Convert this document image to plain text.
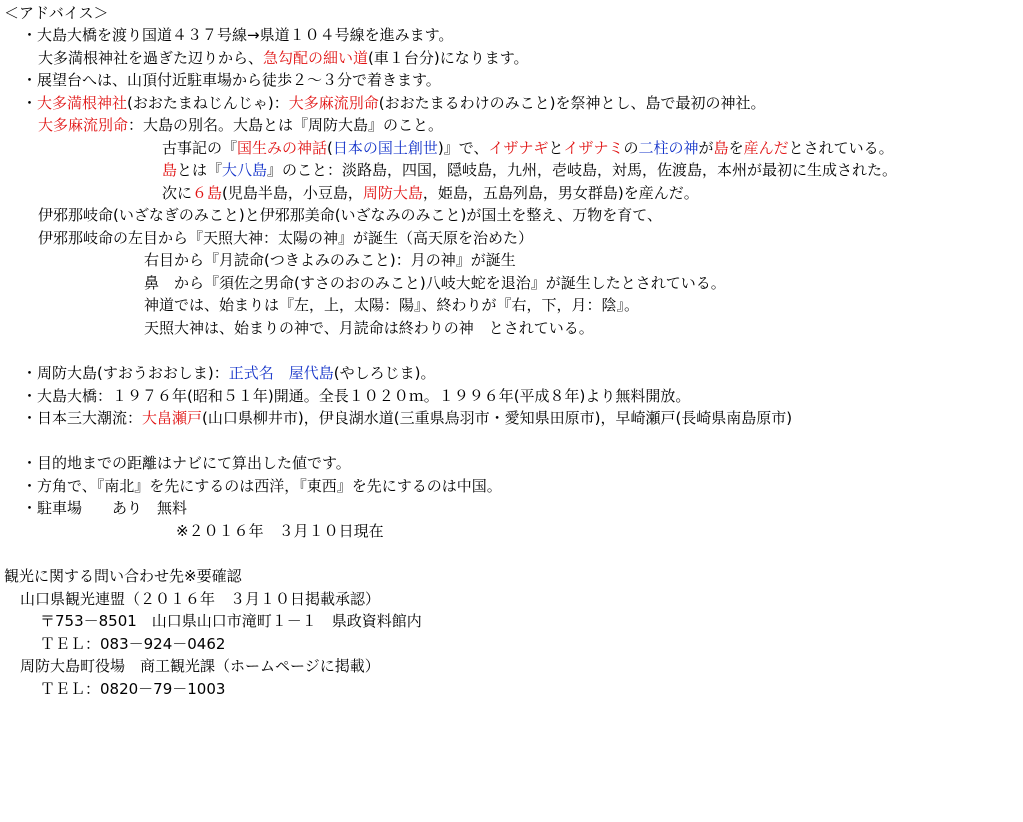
＜アドバイス＞
・大島大橋を渡り国道４３７号線→県道１０４号線を進みます。
大多満根神社を過ぎた辺りから、急勾配の細い道(車１台分)になります。
・展望台へは、山頂付近駐車場から徒歩２～３分で着きます。
・大多満根神社(おおたまねじんじゃ)：大多麻流別命(おおたまるわけのみこと)を祭神とし、島で最初の神社。
大多麻流別命：大島の別名。大島とは『周防大島』のこと。
古事記の『国生みの神話(日本の国土創世)』で、イザナギとイザナミの二柱の神が島を産んだとされている。
島とは『大八島』のこと：淡路島，四国，隠岐島，九州，壱岐島，対馬，佐渡島，本州が最初に生成された。
次に６島(児島半島，小豆島，周防大島，姫島，五島列島，男女群島)を産んだ。
伊邪那岐命(いざなぎのみこと)と伊邪那美命(いざなみのみこと)が国土を整え、万物を育て、
伊邪那岐命の左目から『天照大神：太陽の神』が誕生（高天原を治めた）
右目から『月読命(つきよみのみこと)：月の神』が誕生
鼻　から『須佐之男命(すさのおのみこと)八岐大蛇を退治』が誕生したとされている。
神道では、始まりは『左，上，太陽：陽』、終わりが『右，下，月：陰』。
天照大神は、始まりの神で、月読命は終わりの神　とされている。
・周防大島(すおうおおしま)：正式名　屋代島(やしろじま)。
・大島大橋：１９７６年(昭和５１年)開通。全長１０２０ｍ。１９９６年(平成８年)より無料開放。
・日本三大潮流：大畠瀬戸(山口県柳井市)，伊良湖水道(三重県鳥羽市・愛知県田原市)，早崎瀬戸(長崎県南島原市)
・目的地までの距離はナビにて算出した値です。
・方角で、『南北』を先にするのは西洋，『東西』を先にするのは中国。
・駐車場　　あり　無料
※２０１６年　３月１０日現在
観光に関する問い合わせ先※要確認
山口県観光連盟（２０１６年　３月１０日掲載承認）
〒753－8501　山口県山口市滝町１－１　県政資料館内
ＴＥＬ：083－924－0462
周防大島町役場　商工観光課（ホームページに掲載）
ＴＥＬ：0820－79－1003
